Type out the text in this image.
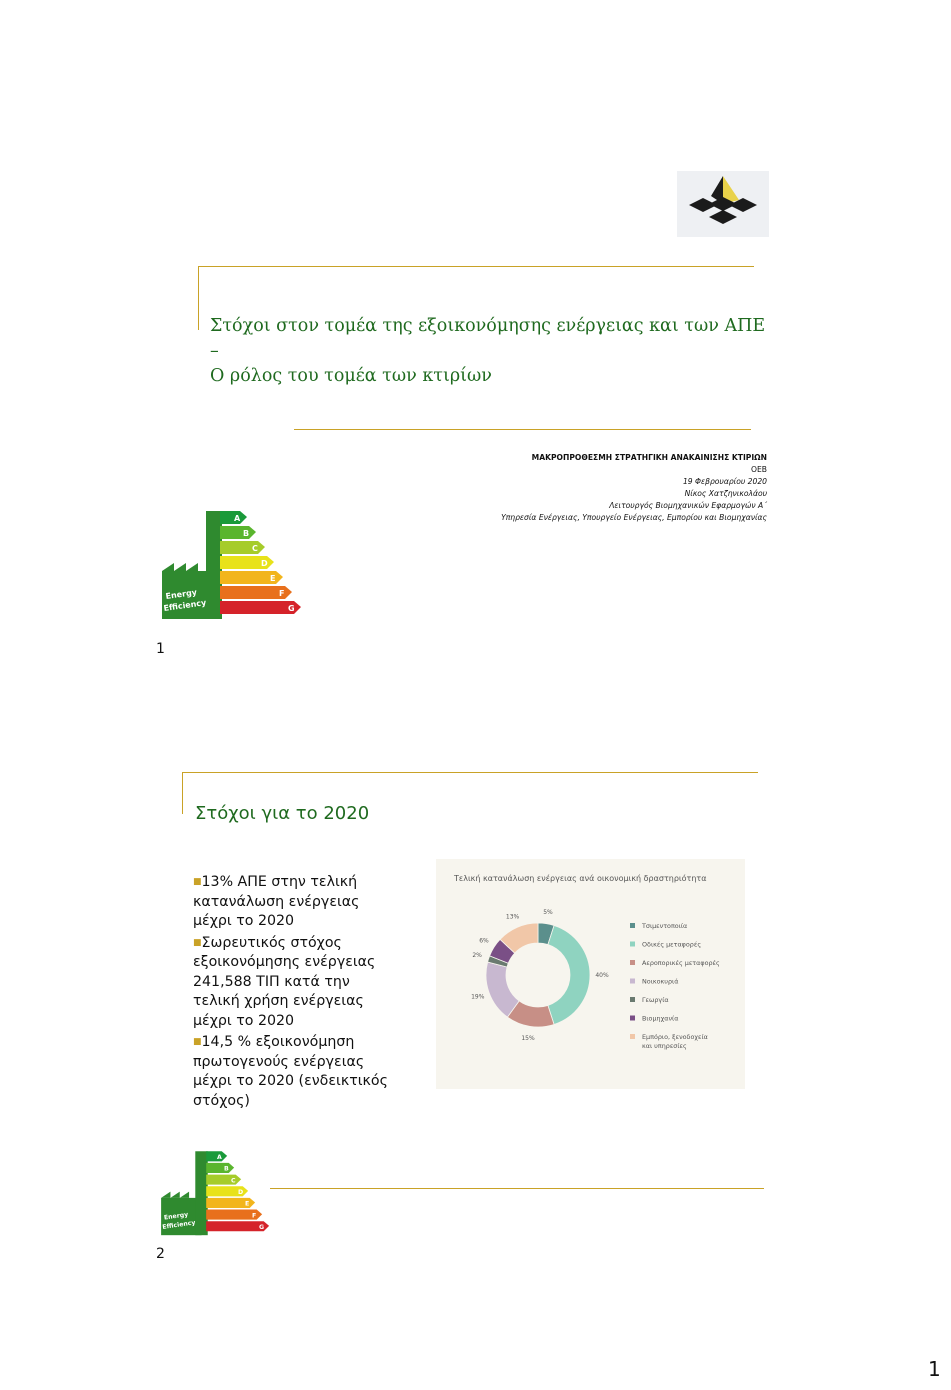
Στόχοι στον τομέα της εξοικονόμησης ενέργειας και των ΑΠΕ –
Ο ρόλος του τομέα των κτιρίων
ΜΑΚΡΟΠΡΟΘΕΣΜΗ ΣΤΡΑΤΗΓΙΚΗ ΑΝΑΚΑΙΝΙΣΗΣ ΚΤΙΡΙΩΝ
ΟΕΒ
19 Φεβρουαρίου 2020
Νίκος Χατζηνικολάου
Λειτουργός Βιομηχανικών Εφαρμογών Α΄
Υπηρεσία Ενέργειας, Υπουργείο Ενέργειας, Εμπορίου και Βιομηχανίας
Energy
Efficiency
A
B
C
D
E
F
G
1
Στόχοι για το 2020
■13% ΑΠΕ στην τελική κατανάλωση ενέργειας μέχρι το 2020
■Σωρευτικός στόχος εξοικονόμησης ενέργειας 241,588 ΤΙΠ κατά την τελική χρήση ενέργειας μέχρι το 2020
■14,5 % εξοικονόμηση πρωτογενούς ενέργειας μέχρι το 2020 (ενδεικτικός στόχος)
Τελική κατανάλωση ενέργειας ανά οικονομική δραστηριότητα
5%
40%
15%
19%
2%
6%
13%
Τσιμεντοποιία
Οδικές μεταφορές
Αεροπορικές μεταφορές
Νοικοκυριά
Γεωργία
Βιομηχανία
Εμπόριο, ξενοδοχεία και υπηρεσίες
Energy
Efficiency
A
B
C
D
E
F
G
2
1
